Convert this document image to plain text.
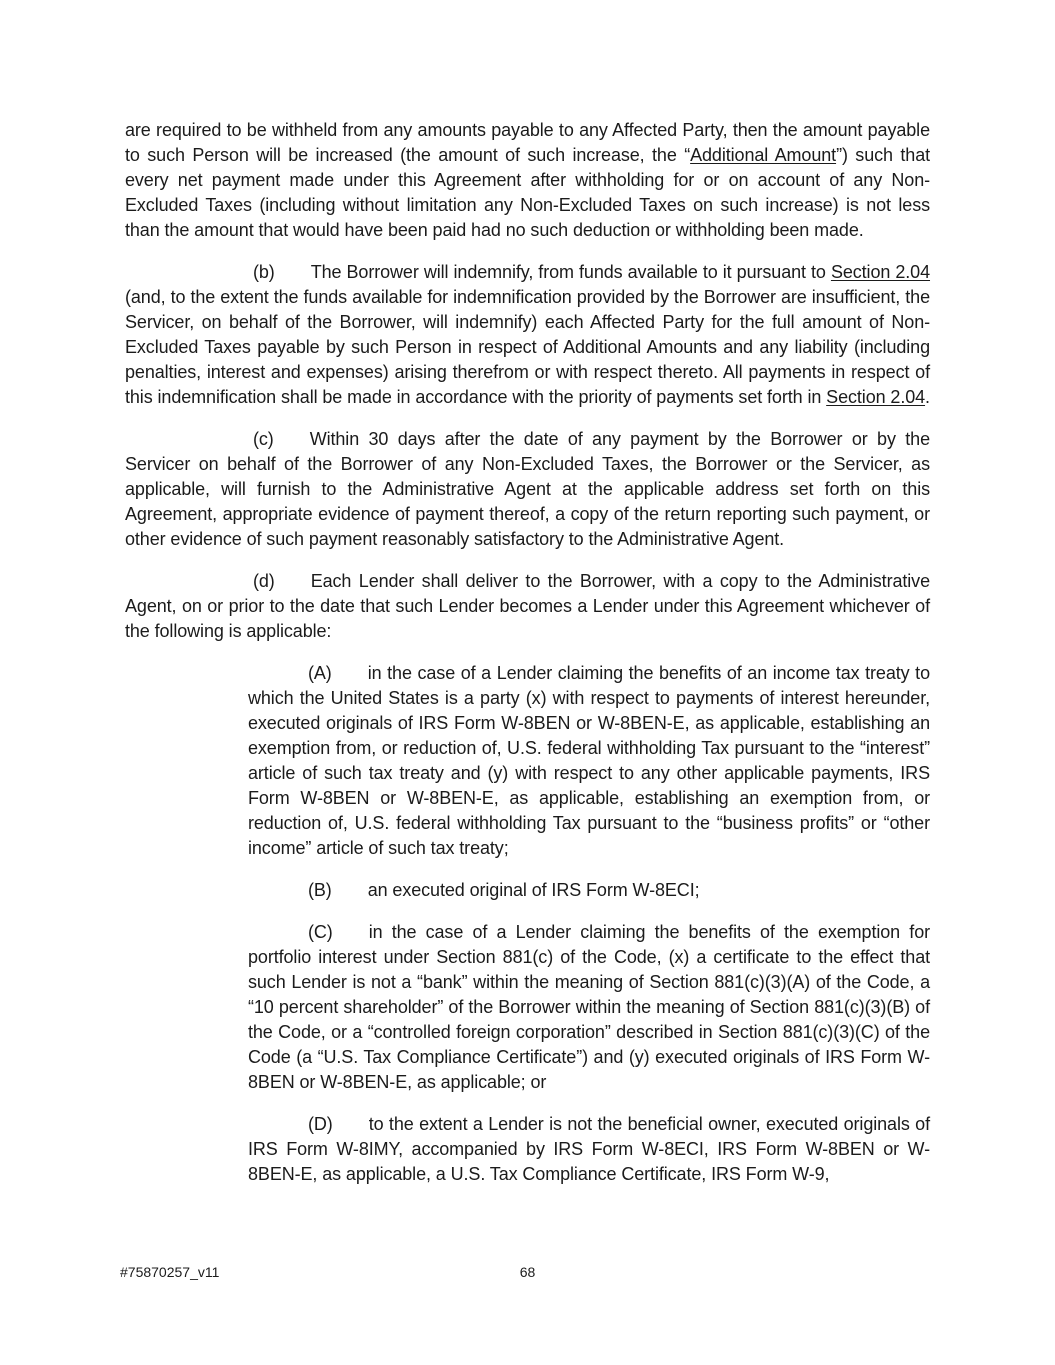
are required to be withheld from any amounts payable to any Affected Party, then the amount payable to such Person will be increased (the amount of such increase, the “Additional Amount”) such that every net payment made under this Agreement after withholding for or on account of any Non-Excluded Taxes (including without limitation any Non-Excluded Taxes on such increase) is not less than the amount that would have been paid had no such deduction or withholding been made.

(b) The Borrower will indemnify, from funds available to it pursuant to Section 2.04 (and, to the extent the funds available for indemnification provided by the Borrower are insufficient, the Servicer, on behalf of the Borrower, will indemnify) each Affected Party for the full amount of Non-Excluded Taxes payable by such Person in respect of Additional Amounts and any liability (including penalties, interest and expenses) arising therefrom or with respect thereto. All payments in respect of this indemnification shall be made in accordance with the priority of payments set forth in Section 2.04.

(c) Within 30 days after the date of any payment by the Borrower or by the Servicer on behalf of the Borrower of any Non-Excluded Taxes, the Borrower or the Servicer, as applicable, will furnish to the Administrative Agent at the applicable address set forth on this Agreement, appropriate evidence of payment thereof, a copy of the return reporting such payment, or other evidence of such payment reasonably satisfactory to the Administrative Agent.

(d) Each Lender shall deliver to the Borrower, with a copy to the Administrative Agent, on or prior to the date that such Lender becomes a Lender under this Agreement whichever of the following is applicable:

(A) in the case of a Lender claiming the benefits of an income tax treaty to which the United States is a party (x) with respect to payments of interest hereunder, executed originals of IRS Form W-8BEN or W-8BEN-E, as applicable, establishing an exemption from, or reduction of, U.S. federal withholding Tax pursuant to the “interest” article of such tax treaty and (y) with respect to any other applicable payments, IRS Form W-8BEN or W-8BEN-E, as applicable, establishing an exemption from, or reduction of, U.S. federal withholding Tax pursuant to the “business profits” or “other income” article of such tax treaty;

(B) an executed original of IRS Form W-8ECI;

(C) in the case of a Lender claiming the benefits of the exemption for portfolio interest under Section 881(c) of the Code, (x) a certificate to the effect that such Lender is not a “bank” within the meaning of Section 881(c)(3)(A) of the Code, a “10 percent shareholder” of the Borrower within the meaning of Section 881(c)(3)(B) of the Code, or a “controlled foreign corporation” described in Section 881(c)(3)(C) of the Code (a “U.S. Tax Compliance Certificate”) and (y) executed originals of IRS Form W-8BEN or W-8BEN-E, as applicable; or

(D) to the extent a Lender is not the beneficial owner, executed originals of IRS Form W-8IMY, accompanied by IRS Form W-8ECI, IRS Form W-8BEN or W-8BEN-E, as applicable, a U.S. Tax Compliance Certificate, IRS Form W-9,

#75870257_v11	68
